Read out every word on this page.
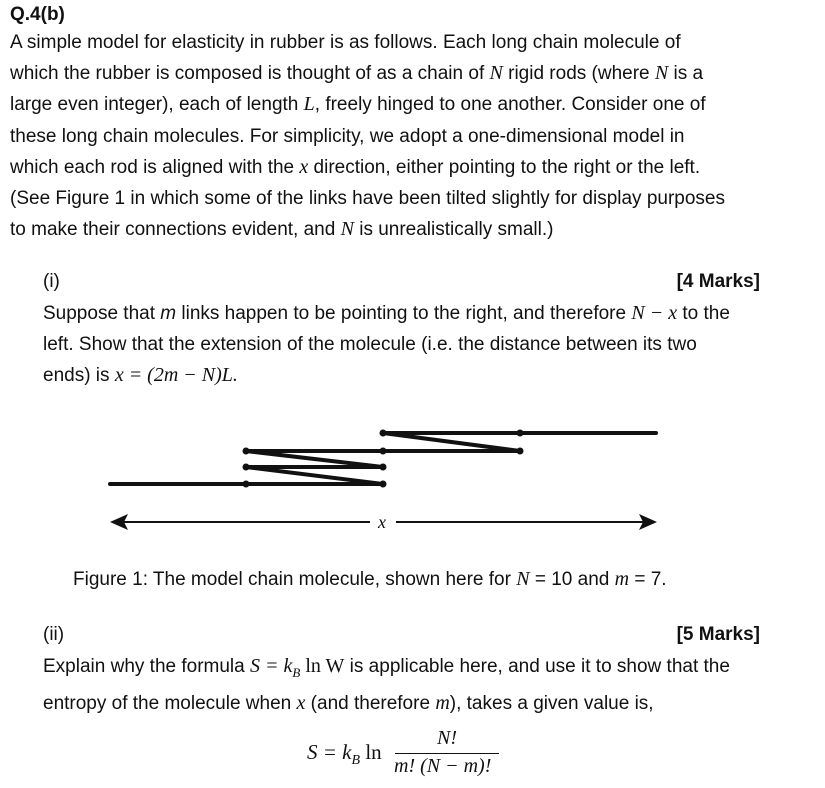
Q.4(b)
A simple model for elasticity in rubber is as follows. Each long chain molecule of
which the rubber is composed is thought of as a chain of N rigid rods (where N is a
large even integer), each of length L, freely hinged to one another. Consider one of
these long chain molecules. For simplicity, we adopt a one-dimensional model in
which each rod is aligned with the x direction, either pointing to the right or the left.
(See Figure 1 in which some of the links have been tilted slightly for display purposes
to make their connections evident, and N is unrealistically small.)
(i)	[4 Marks]
Suppose that m links happen to be pointing to the right, and therefore N − x to the
left. Show that the extension of the molecule (i.e. the distance between its two
ends) is x = (2m − N)L.
x
Figure 1: The model chain molecule, shown here for N = 10 and m = 7.
(ii)	[5 Marks]
Explain why the formula $S = k_B$ ln W is applicable here, and use it to show that the
entropy of the molecule when x (and therefore m), takes a given value is,
$S = k_B$ ln
N!
m! (N − m)!
